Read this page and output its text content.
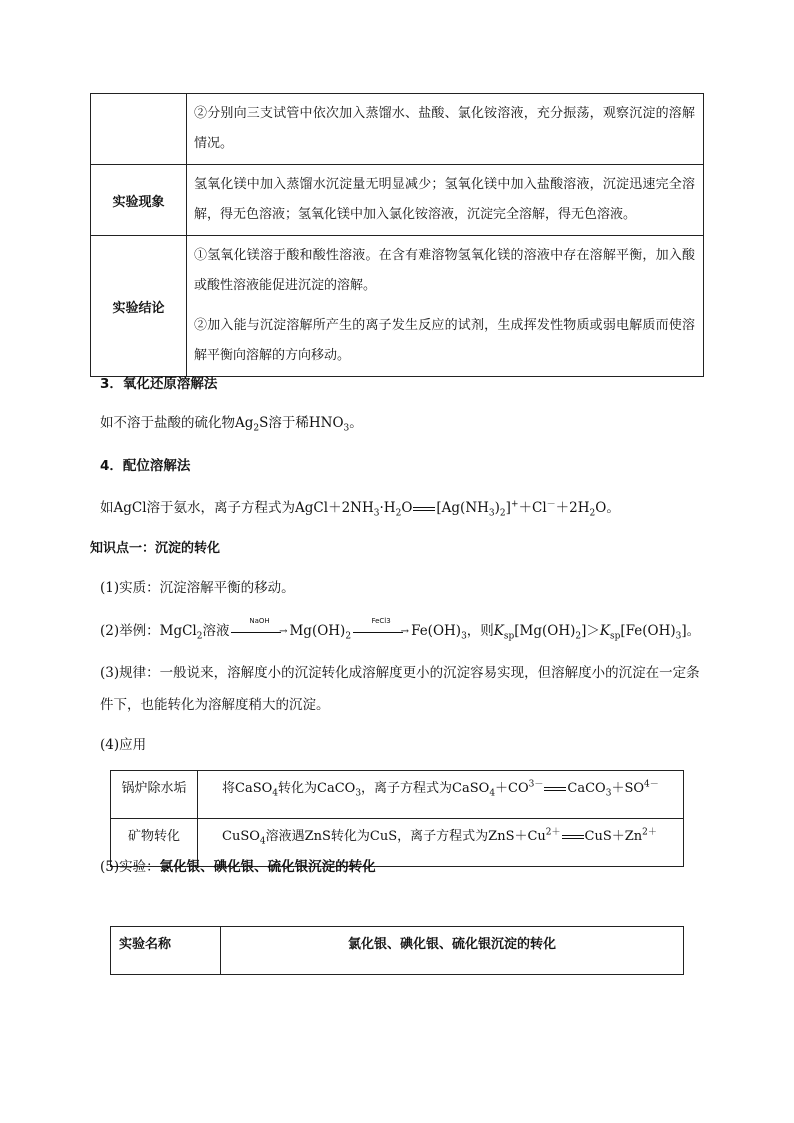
	②分别向三支试管中依次加入蒸馏水、盐酸、氯化铵溶液，充分振荡，观察沉淀的溶解情况。

实验现象	氢氧化镁中加入蒸馏水沉淀量无明显减少；氢氧化镁中加入盐酸溶液，沉淀迅速完全溶解，得无色溶液；氢氧化镁中加入氯化铵溶液，沉淀完全溶解，得无色溶液。

实验结论	①氢氧化镁溶于酸和酸性溶液。在含有难溶物氢氧化镁的溶液中存在溶解平衡，加入酸或酸性溶液能促进沉淀的溶解。

②加入能与沉淀溶解所产生的离子发生反应的试剂，生成挥发性物质或弱电解质而使溶解平衡向溶解的方向移动。

3．氧化还原溶解法
如不溶于盐酸的硫化物$Ag_2S$溶于稀$HNO_3$。
4．配位溶解法
如AgCl溶于氨水，离子方程式为$AgCl+2NH_3\cdot H_2O$ $[Ag(NH_3)_2]^++Cl^-+2H_2O$。
知识点一：沉淀的转化
(1)实质：沉淀溶解平衡的移动。
(2)举例：MgCl$_2$溶液
NaOH
→ $Mg(OH)_2$
FeCl3
→ $Fe(OH)_3$，则$K_{sp}[Mg(OH)_2]>K_{sp}[Fe(OH)_3]$。
(3)规律：一般说来，溶解度小的沉淀转化成溶解度更小的沉淀容易实现，但溶解度小的沉淀在一定条件下，也能转化为溶解度稍大的沉淀。
(4)应用
锅炉除水垢	将CaSO$_4$转化为CaCO$_3$，离子方程式为$CaSO_4+CO^{3-}$ $CaCO_3+SO^{4-}$
矿物转化	CuSO$_4$溶液遇ZnS转化为CuS，离子方程式为$ZnS+Cu^{2+}$ $CuS+Zn^{2+}$
(5)实验：氯化银、碘化银、硫化银沉淀的转化
实验名称	氯化银、碘化银、硫化银沉淀的转化
